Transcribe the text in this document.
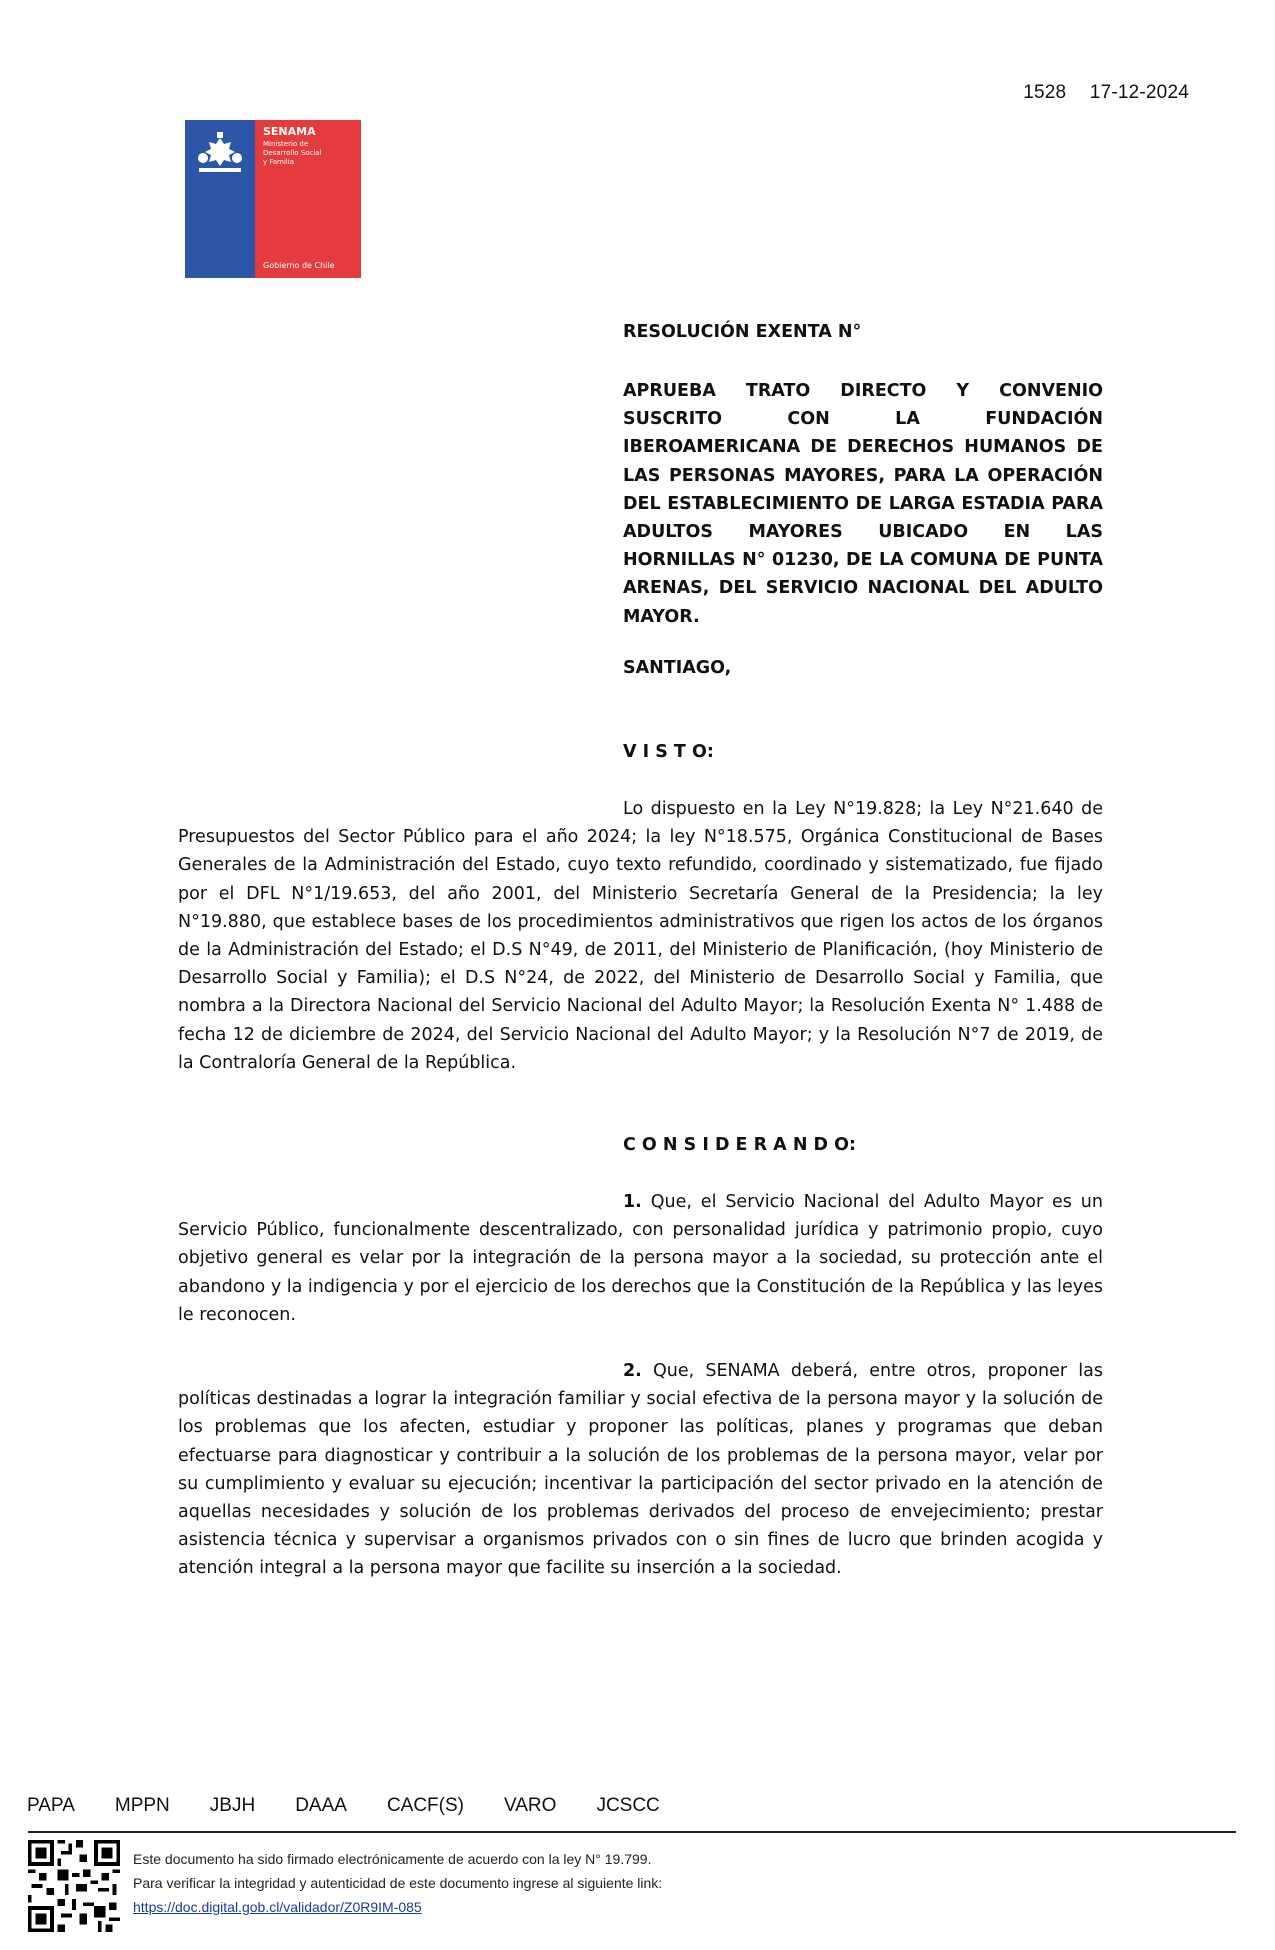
1528 17-12-2024
SENAMA
Ministerio de
Desarrollo Social
y Familia
Gobierno de Chile
RESOLUCIÓN EXENTA N°
APRUEBA TRATO DIRECTO Y CONVENIO SUSCRITO CON LA FUNDACIÓN IBEROAMERICANA DE DERECHOS HUMANOS DE LAS PERSONAS MAYORES, PARA LA OPERACIÓN DEL ESTABLECIMIENTO DE LARGA ESTADIA PARA ADULTOS MAYORES UBICADO EN LAS HORNILLAS N° 01230, DE LA COMUNA DE PUNTA ARENAS, DEL SERVICIO NACIONAL DEL ADULTO MAYOR.
SANTIAGO,
V I S T O:
Lo dispuesto en la Ley N°19.828; la Ley N°21.640 de Presupuestos del Sector Público para el año 2024; la ley N°18.575, Orgánica Constitucional de Bases Generales de la Administración del Estado, cuyo texto refundido, coordinado y sistematizado, fue fijado por el DFL N°1/19.653, del año 2001, del Ministerio Secretaría General de la Presidencia; la ley N°19.880, que establece bases de los procedimientos administrativos que rigen los actos de los órganos de la Administración del Estado; el D.S N°49, de 2011, del Ministerio de Planificación, (hoy Ministerio de Desarrollo Social y Familia); el D.S N°24, de 2022, del Ministerio de Desarrollo Social y Familia, que nombra a la Directora Nacional del Servicio Nacional del Adulto Mayor; la Resolución Exenta N° 1.488 de fecha 12 de diciembre de 2024, del Servicio Nacional del Adulto Mayor; y la Resolución N°7 de 2019, de la Contraloría General de la República.
C O N S I D E R A N D O:
1. Que, el Servicio Nacional del Adulto Mayor es un Servicio Público, funcionalmente descentralizado, con personalidad jurídica y patrimonio propio, cuyo objetivo general es velar por la integración de la persona mayor a la sociedad, su protección ante el abandono y la indigencia y por el ejercicio de los derechos que la Constitución de la República y las leyes le reconocen.
2. Que, SENAMA deberá, entre otros, proponer las políticas destinadas a lograr la integración familiar y social efectiva de la persona mayor y la solución de los problemas que los afecten, estudiar y proponer las políticas, planes y programas que deban efectuarse para diagnosticar y contribuir a la solución de los problemas de la persona mayor, velar por su cumplimiento y evaluar su ejecución; incentivar la participación del sector privado en la atención de aquellas necesidades y solución de los problemas derivados del proceso de envejecimiento; prestar asistencia técnica y supervisar a organismos privados con o sin fines de lucro que brinden acogida y atención integral a la persona mayor que facilite su inserción a la sociedad.
PAPA MPPN JBJH DAAA CACF(S) VARO JCSCC
Este documento ha sido firmado electrónicamente de acuerdo con la ley N° 19.799.
Para verificar la integridad y autenticidad de este documento ingrese al siguiente link:
https://doc.digital.gob.cl/validador/Z0R9IM-085
